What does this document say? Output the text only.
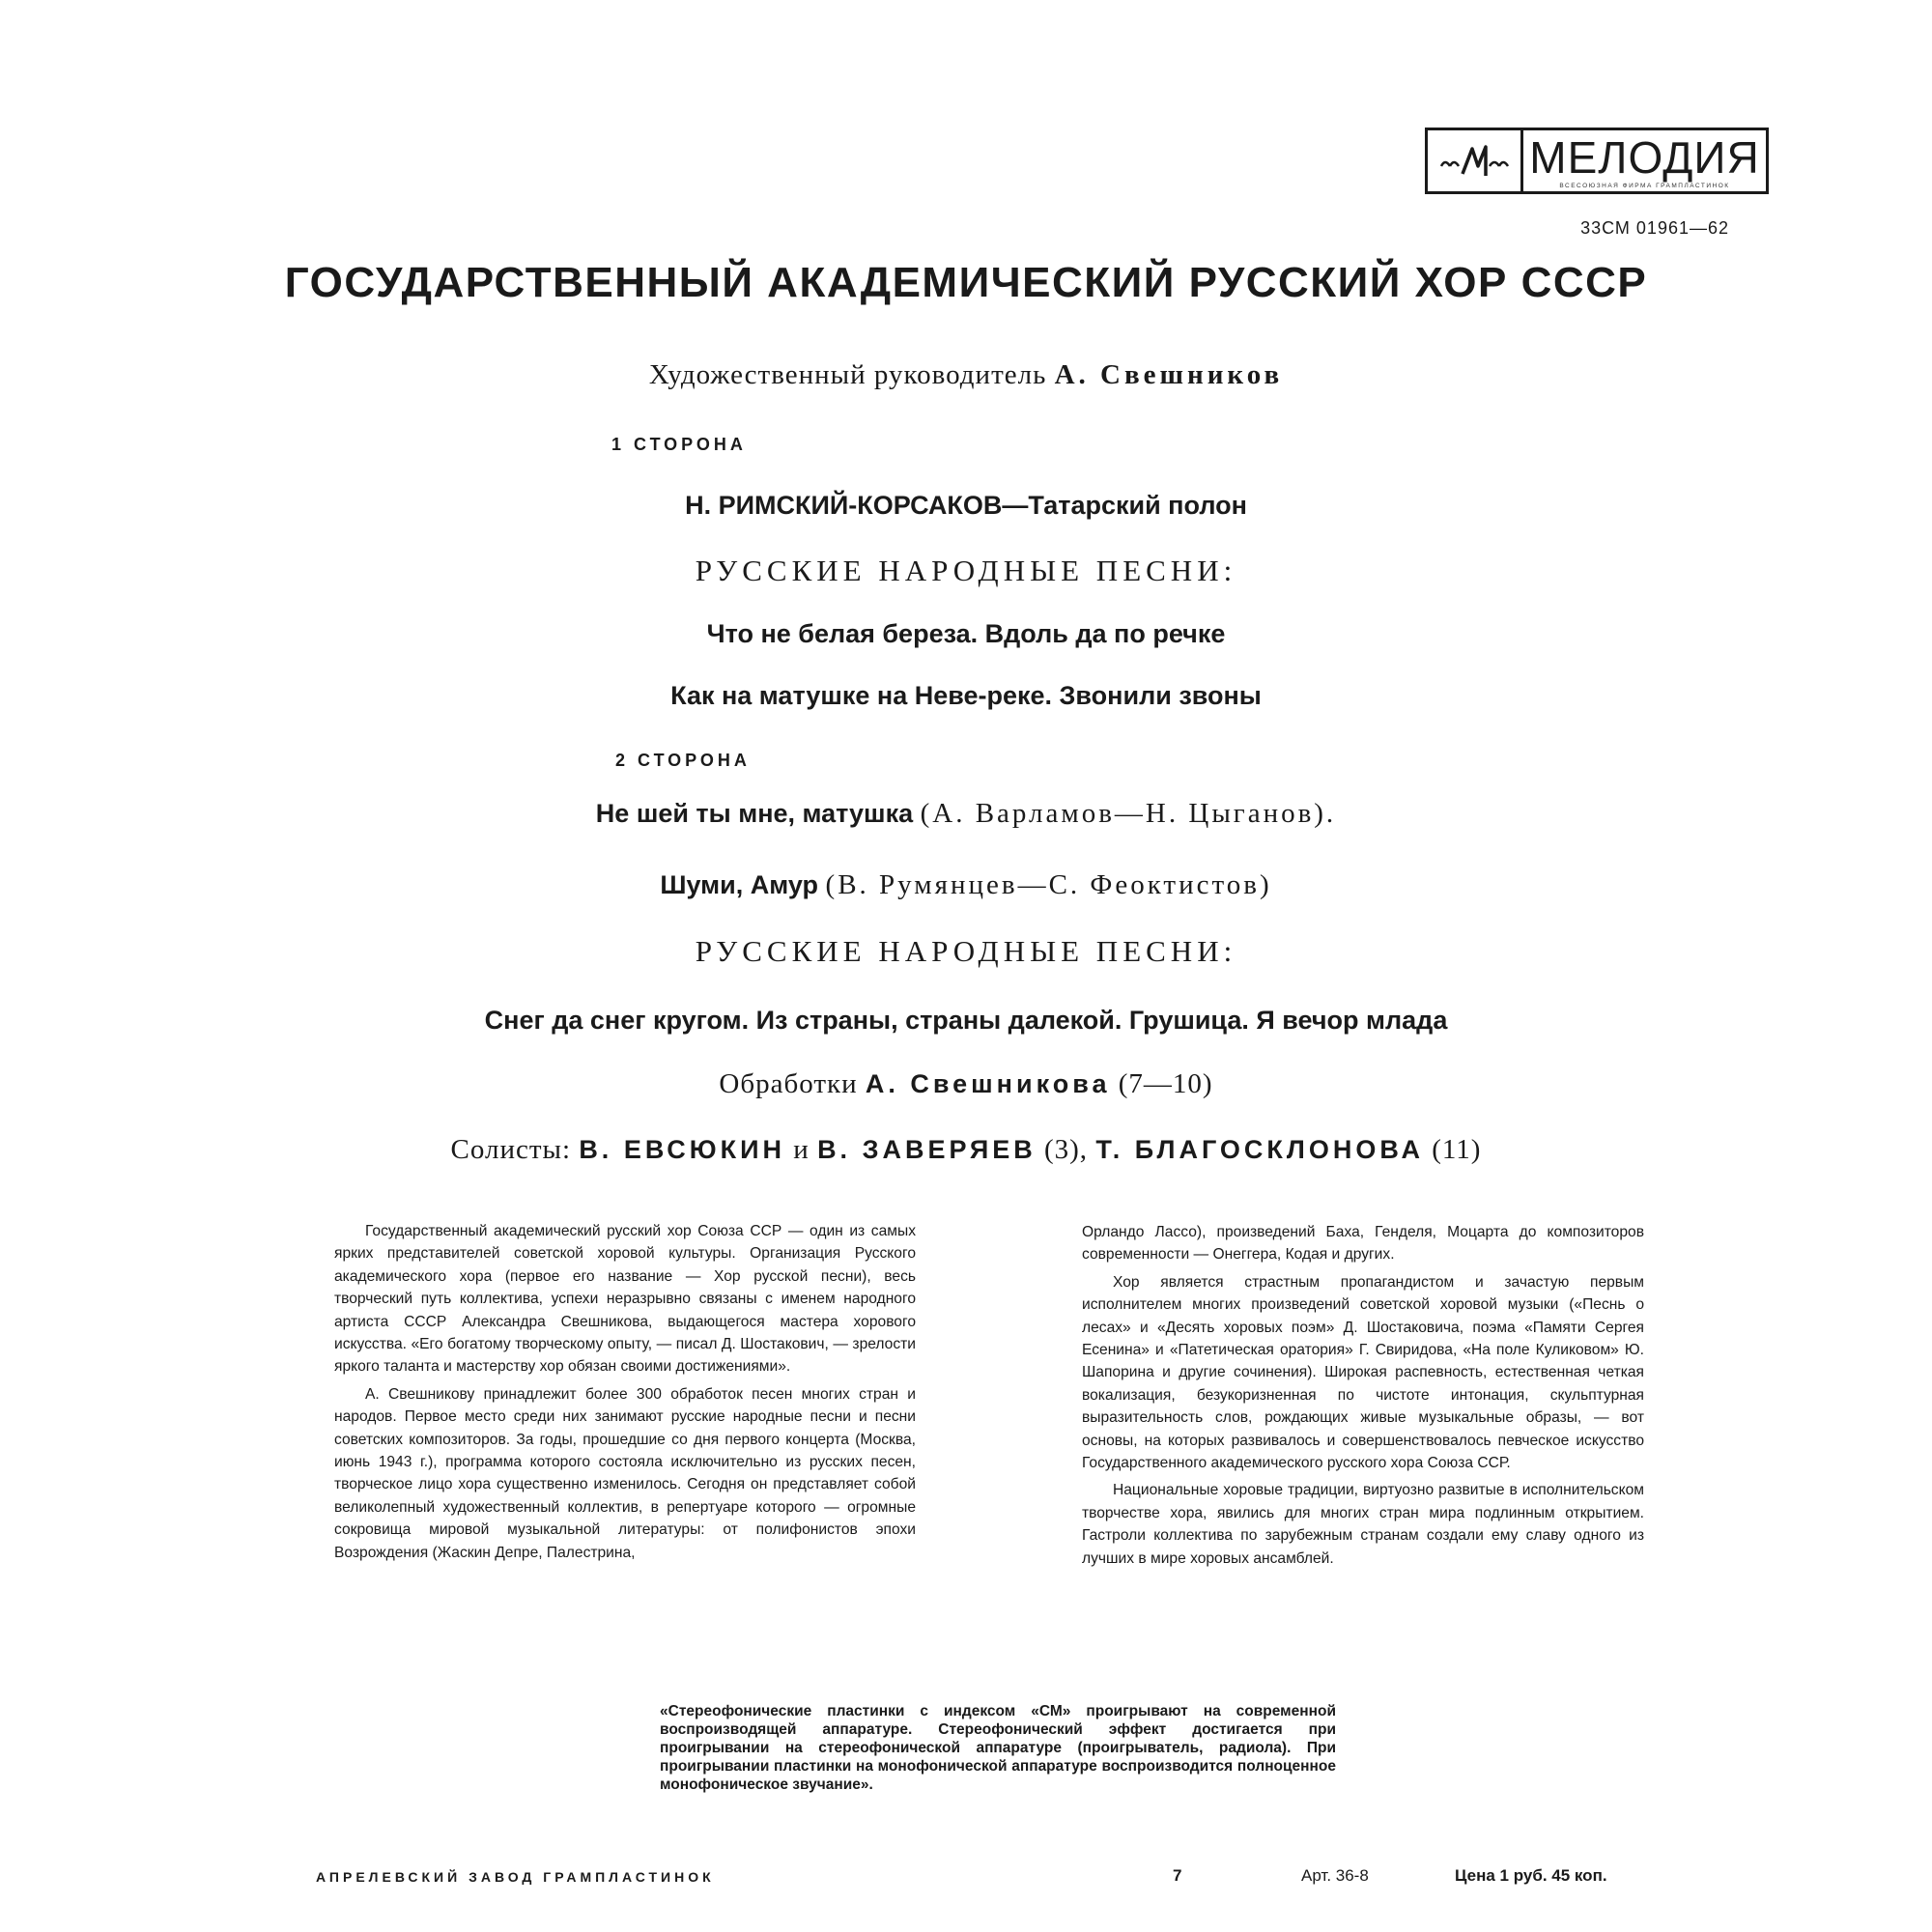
МЕЛОДИЯ
ВСЕСОЮЗНАЯ ФИРМА ГРАМПЛАСТИНОК
33СМ 01961—62
ГОСУДАРСТВЕННЫЙ АКАДЕМИЧЕСКИЙ РУССКИЙ ХОР СССР
Художественный руководитель А. Свешников
1 СТОРОНА
Н. РИМСКИЙ-КОРСАКОВ—Татарский полон
РУССКИЕ НАРОДНЫЕ ПЕСНИ:
Что не белая береза. Вдоль да по речке
Как на матушке на Неве-реке. Звонили звоны
2 СТОРОНА
Не шей ты мне, матушка (А. Варламов—Н. Цыганов).
Шуми, Амур (В. Румянцев—С. Феоктистов)
РУССКИЕ НАРОДНЫЕ ПЕСНИ:
Снег да снег кругом. Из страны, страны далекой. Грушица. Я вечор млада
Обработки А. Свешникова (7—10)
Солисты: В. ЕВСЮКИН и В. ЗАВЕРЯЕВ (3), Т. БЛАГОСКЛОНОВА (11)

Государственный академический русский хор Союза ССР — один из самых ярких представителей советской хоровой культуры. Организация Русского академического хора (первое его название — Хор русской песни), весь творческий путь коллектива, успехи неразрывно связаны с именем народного артиста СССР Александра Свешникова, выдающегося мастера хорового искусства. «Его богатому творческому опыту, — писал Д. Шостакович, — зрелости яркого таланта и мастерству хор обязан своими достижениями».

А. Свешникову принадлежит более 300 обработок песен многих стран и народов. Первое место среди них занимают русские народные песни и песни советских композиторов. За годы, прошедшие со дня первого концерта (Москва, июнь 1943 г.), программа которого состояла исключительно из русских песен, творческое лицо хора существенно изменилось. Сегодня он представляет собой великолепный художественный коллектив, в репертуаре которого — огромные сокровища мировой музыкальной литературы: от полифонистов эпохи Возрождения (Жаскин Депре, Палестрина,

Орландо Лассо), произведений Баха, Генделя, Моцарта до композиторов современности — Онеггера, Кодая и других.

Хор является страстным пропагандистом и зачастую первым исполнителем многих произведений советской хоровой музыки («Песнь о лесах» и «Десять хоровых поэм» Д. Шостаковича, поэма «Памяти Сергея Есенина» и «Патетическая оратория» Г. Свиридова, «На поле Куликовом» Ю. Шапорина и другие сочинения). Широкая распевность, естественная четкая вокализация, безукоризненная по чистоте интонация, скульптурная выразительность слов, рождающих живые музыкальные образы, — вот основы, на которых развивалось и совершенствовалось певческое искусство Государственного академического русского хора Союза ССР.

Национальные хоровые традиции, виртуозно развитые в исполнительском творчестве хора, явились для многих стран мира подлинным открытием. Гастроли коллектива по зарубежным странам создали ему славу одного из лучших в мире хоровых ансамблей.

«Стереофонические пластинки с индексом «СМ» проигрывают на современной воспроизводящей аппаратуре. Стереофонический эффект достигается при проигрывании на стереофонической аппаратуре (проигрыватель, радиола). При проигрывании пластинки на монофонической аппаратуре воспроизводится полноценное монофоническое звучание».
АПРЕЛЕВСКИЙ ЗАВОД ГРАМПЛАСТИНОК	7	Арт. 36-8	Цена 1 руб. 45 коп.
